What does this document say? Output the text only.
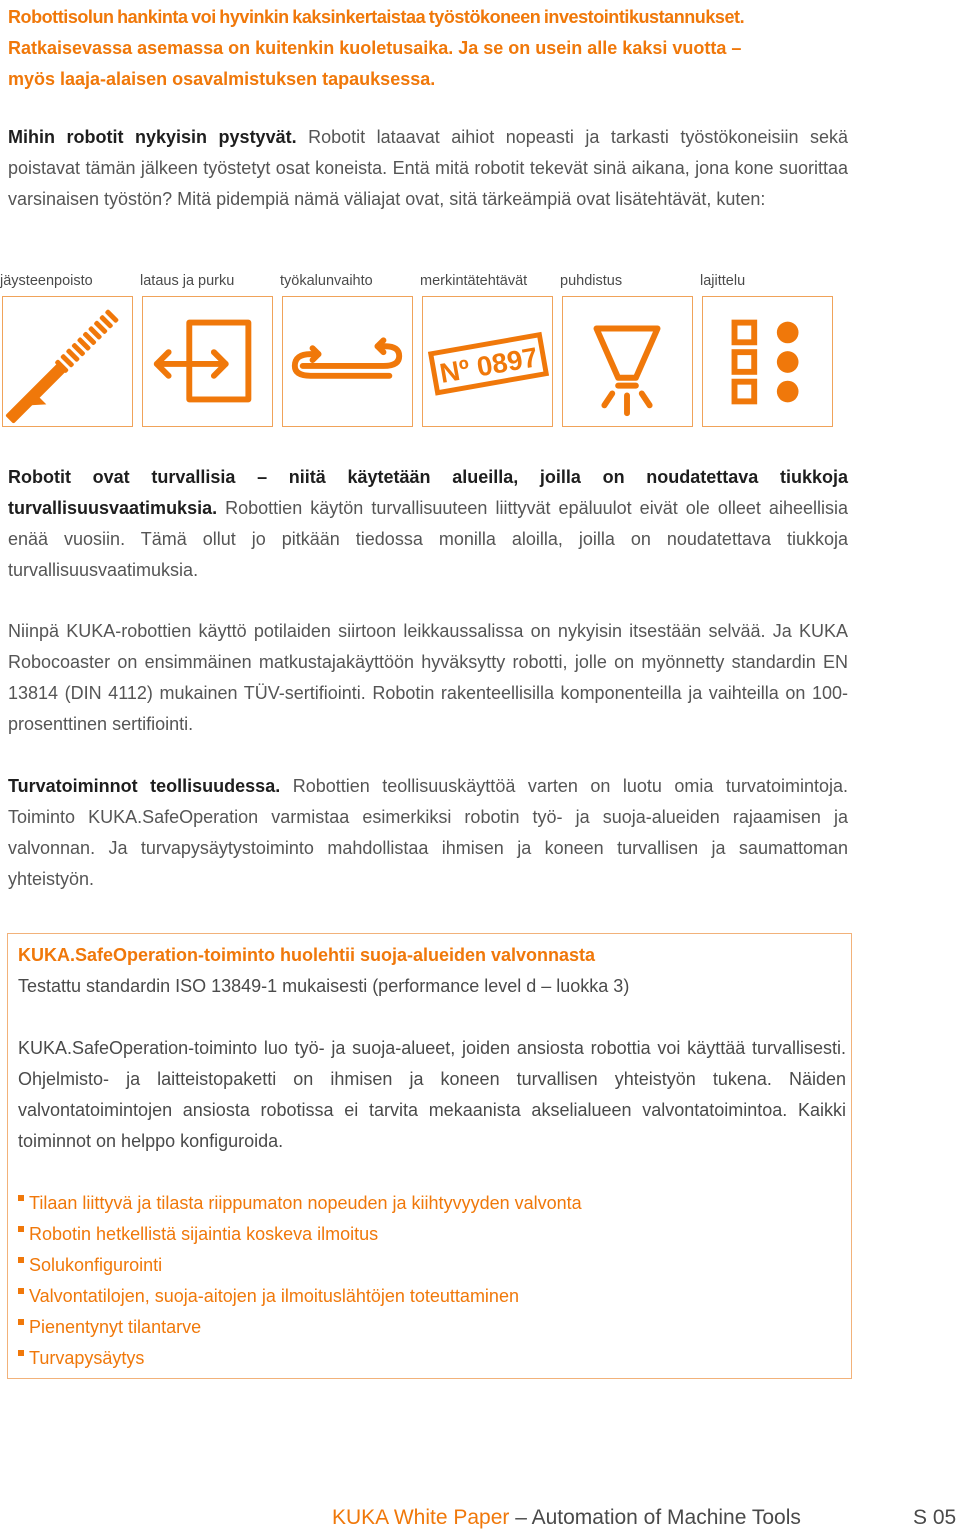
Robottisolun hankinta voi hyvinkin kaksinkertaistaa työstökoneen investointikustannukset.
Ratkaisevassa asemassa on kuitenkin kuoletusaika. Ja se on usein alle kaksi vuotta –
myös laaja-alaisen osavalmistuksen tapauksessa.

Mihin robotit nykyisin pystyvät. Robotit lataavat aihiot nopeasti ja tarkasti työstökoneisiin sekä poistavat tämän jälkeen työstetyt osat koneista. Entä mitä robotit tekevät sinä aikana, jona kone suorittaa varsinaisen työstön? Mitä pidempiä nämä väliajat ovat, sitä tärkeämpiä ovat lisätehtävät, kuten:

jäysteenpoisto	lataus ja purku	työkalunvaihto	merkintätehtävät
Nº 0897
puhdistus	lajittelu

Robotit ovat turvallisia – niitä käytetään alueilla, joilla on noudatettava tiukkoja turvallisuusvaatimuksia. Robottien käytön turvallisuuteen liittyvät epäluulot eivät ole olleet aiheellisia enää vuosiin. Tämä ollut jo pitkään tiedossa monilla aloilla, joilla on noudatettava tiukkoja turvallisuusvaatimuksia.

Niinpä KUKA-robottien käyttö potilaiden siirtoon leikkaussalissa on nykyisin itsestään selvää. Ja KUKA Robocoaster on ensimmäinen matkustajakäyttöön hyväksytty robotti, jolle on myönnetty standardin EN 13814 (DIN 4112) mukainen TÜV-sertifiointi. Robotin rakenteellisilla komponenteilla ja vaihteilla on 100-prosenttinen sertifiointi.

Turvatoiminnot teollisuudessa. Robottien teollisuuskäyttöä varten on luotu omia turvatoimintoja. Toiminto KUKA.SafeOperation varmistaa esimerkiksi robotin työ- ja suoja-alueiden rajaamisen ja valvonnan. Ja turvapysäytystoiminto mahdollistaa ihmisen ja koneen turvallisen ja saumattoman yhteistyön.

KUKA.SafeOperation-toiminto huolehtii suoja-alueiden valvonnasta
Testattu standardin ISO 13849-1 mukaisesti (performance level d – luokka 3)
KUKA.SafeOperation-toiminto luo työ- ja suoja-alueet, joiden ansiosta robottia voi käyttää turvallisesti. Ohjelmisto- ja laitteistopaketti on ihmisen ja koneen turvallisen yhteistyön tukena. Näiden valvontatoimintojen ansiosta robotissa ei tarvita mekaanista akselialueen valvontatoimintoa. Kaikki toiminnot on helppo konfiguroida.
Tilaan liittyvä ja tilasta riippumaton nopeuden ja kiihtyvyyden valvonta
Robotin hetkellistä sijaintia koskeva ilmoitus
Solukonfigurointi
Valvontatilojen, suoja-aitojen ja ilmoituslähtöjen toteuttaminen
Pienentynyt tilantarve
Turvapysäytys
KUKA White Paper – Automation of Machine Tools	S 05
